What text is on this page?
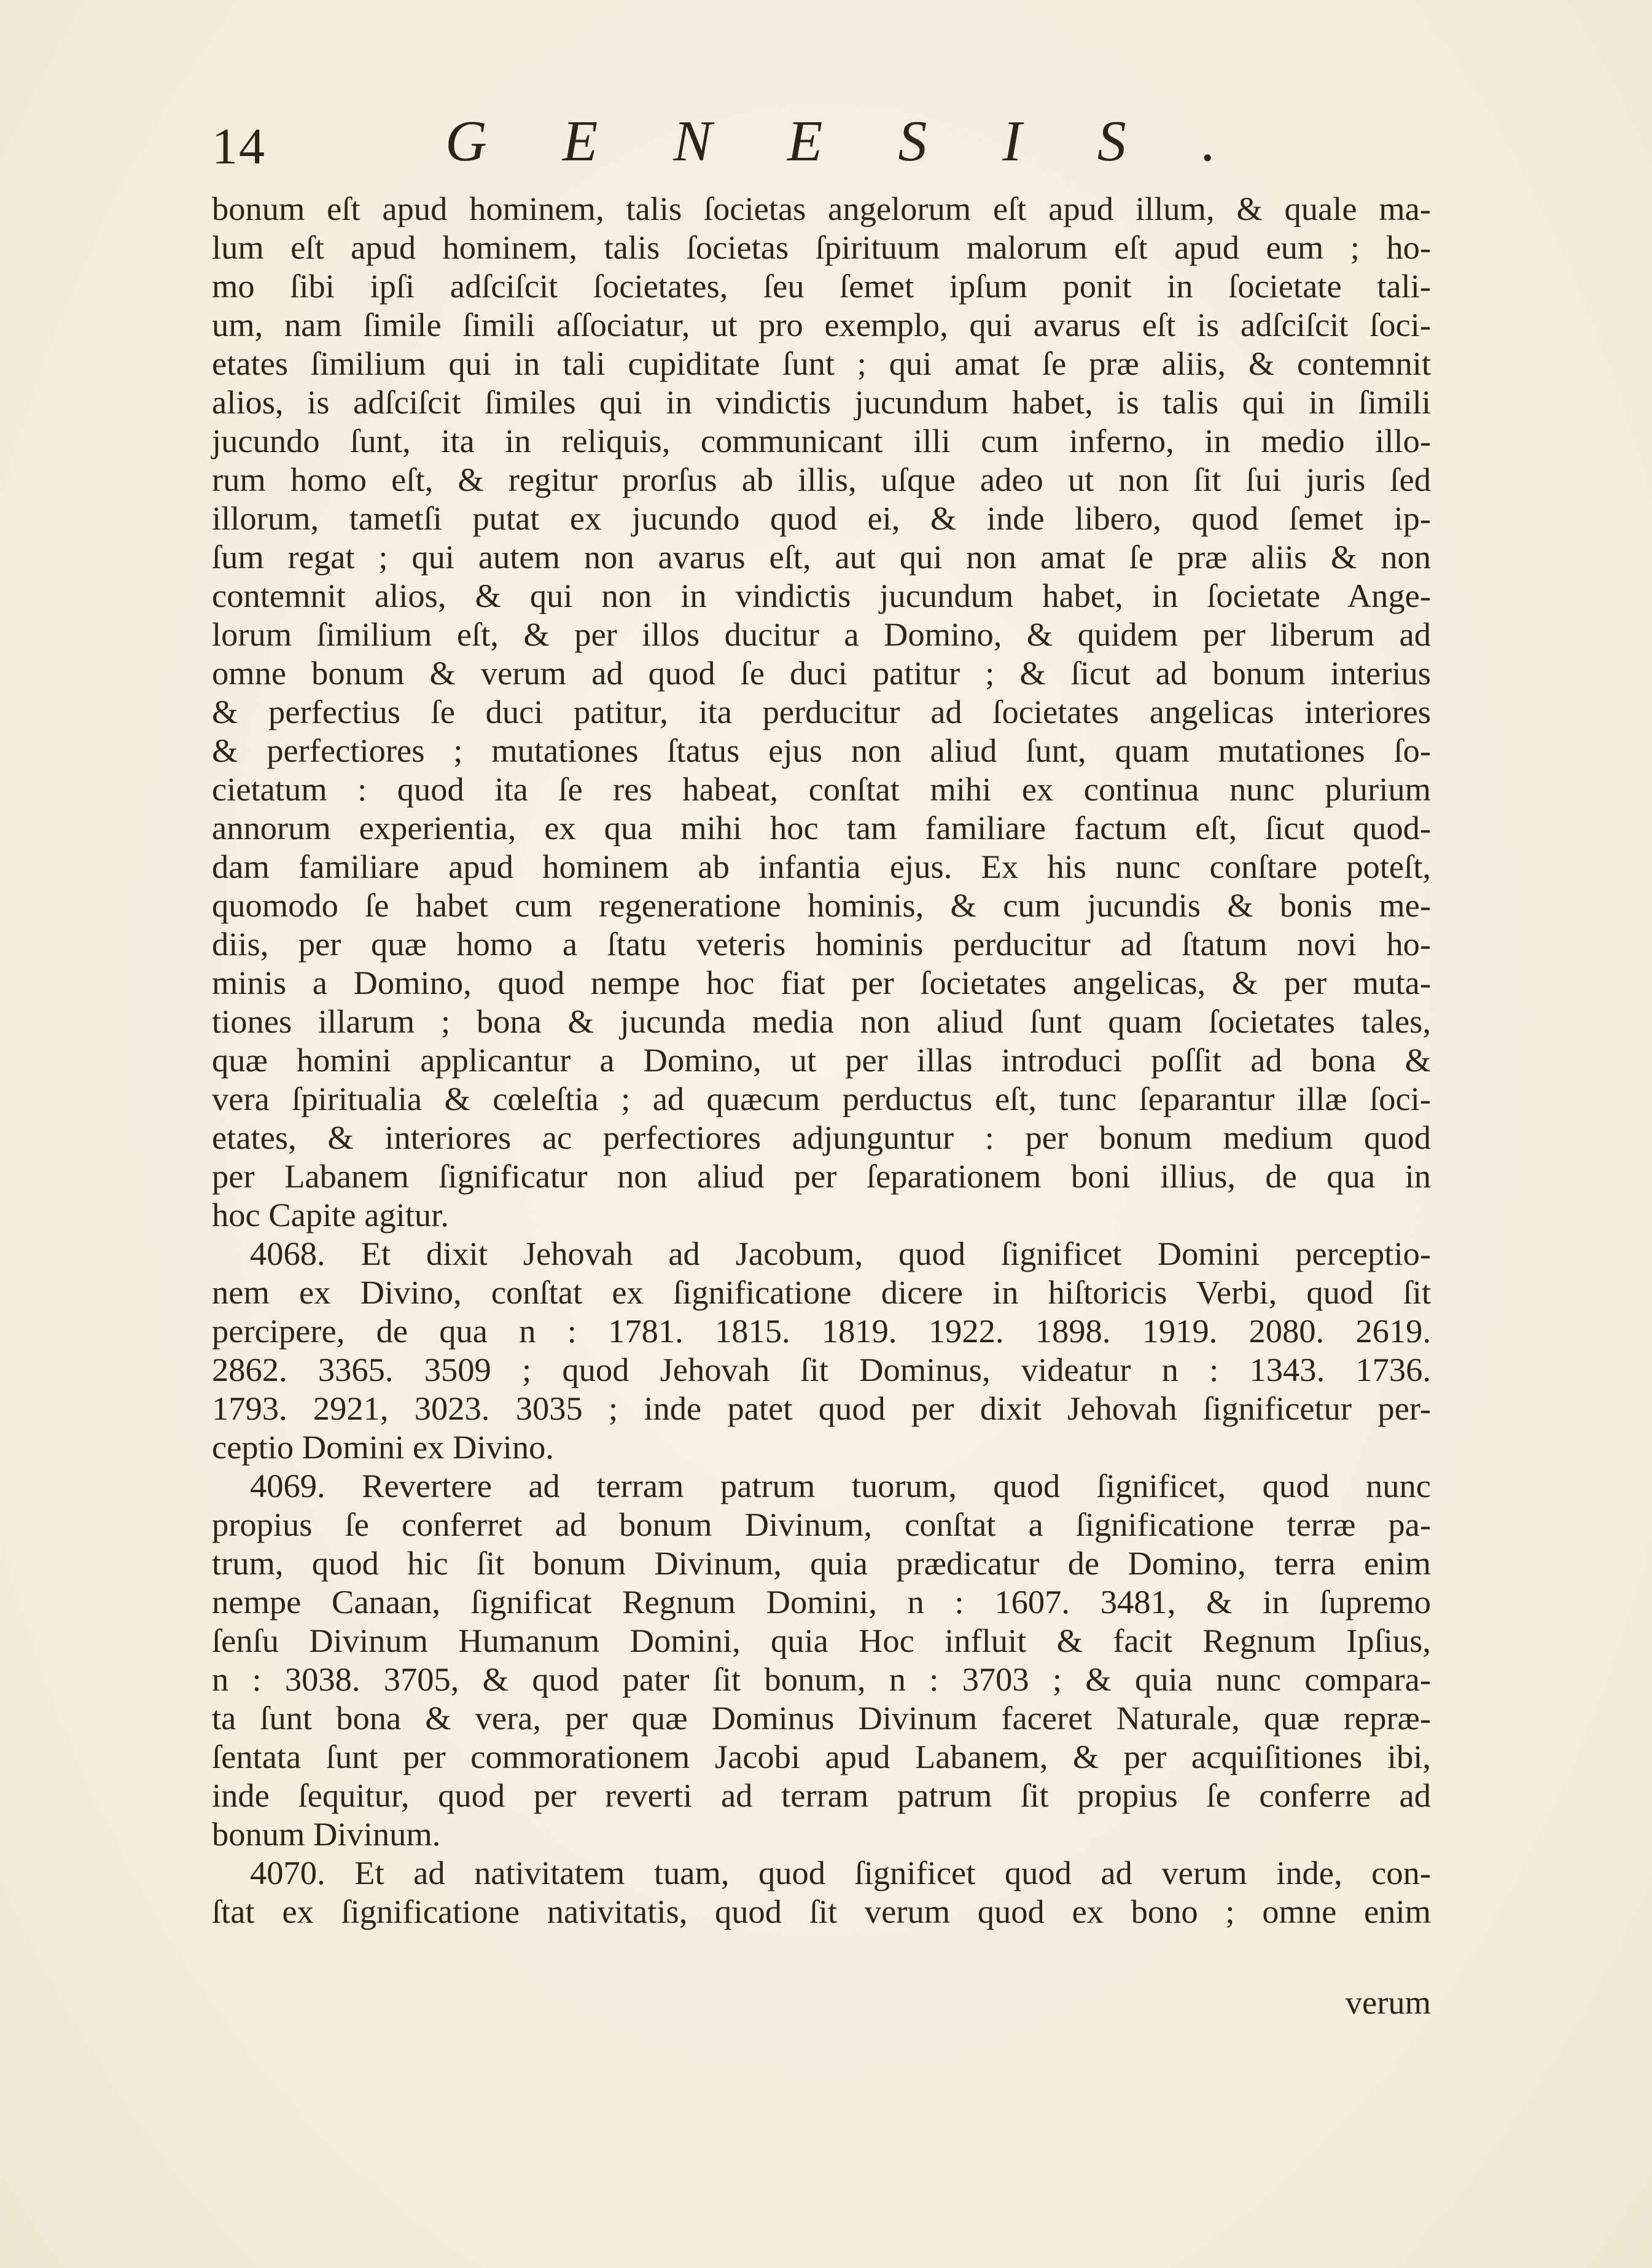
14	GENESIS.
bonum eſt apud hominem, talis ſocietas angelorum eſt apud illum, & quale ma-
lum eſt apud hominem, talis ſocietas ſpirituum malorum eſt apud eum ; ho-
mo ſibi ipſi adſciſcit ſocietates, ſeu ſemet ipſum ponit in ſocietate tali-
um, nam ſimile ſimili aſſociatur, ut pro exemplo, qui avarus eſt is adſciſcit ſoci-
etates ſimilium qui in tali cupiditate ſunt ; qui amat ſe præ aliis, & contemnit
alios, is adſciſcit ſimiles qui in vindictis jucundum habet, is talis qui in ſimili
jucundo ſunt, ita in reliquis, communicant illi cum inferno, in medio illo-
rum homo eſt, & regitur prorſus ab illis, uſque adeo ut non ſit ſui juris ſed
illorum, tametſi putat ex jucundo quod ei, & inde libero, quod ſemet ip-
ſum regat ; qui autem non avarus eſt, aut qui non amat ſe præ aliis & non
contemnit alios, & qui non in vindictis jucundum habet, in ſocietate Ange-
lorum ſimilium eſt, & per illos ducitur a Domino, & quidem per liberum ad
omne bonum & verum ad quod ſe duci patitur ; & ſicut ad bonum interius
& perfectius ſe duci patitur, ita perducitur ad ſocietates angelicas interiores
& perfectiores ; mutationes ſtatus ejus non aliud ſunt, quam mutationes ſo-
cietatum : quod ita ſe res habeat, conſtat mihi ex continua nunc plurium
annorum experientia, ex qua mihi hoc tam familiare factum eſt, ſicut quod-
dam familiare apud hominem ab infantia ejus. Ex his nunc conſtare poteſt,
quomodo ſe habet cum regeneratione hominis, & cum jucundis & bonis me-
diis, per quæ homo a ſtatu veteris hominis perducitur ad ſtatum novi ho-
minis a Domino, quod nempe hoc fiat per ſocietates angelicas, & per muta-
tiones illarum ; bona & jucunda media non aliud ſunt quam ſocietates tales,
quæ homini applicantur a Domino, ut per illas introduci poſſit ad bona &
vera ſpiritualia & cœleſtia ; ad quæcum perductus eſt, tunc ſeparantur illæ ſoci-
etates, & interiores ac perfectiores adjunguntur : per bonum medium quod
per Labanem ſignificatur non aliud per ſeparationem boni illius, de qua in
hoc Capite agitur.
4068. Et dixit Jehovah ad Jacobum, quod ſignificet Domini perceptio-
nem ex Divino, conſtat ex ſignificatione dicere in hiſtoricis Verbi, quod ſit
percipere, de qua n : 1781. 1815. 1819. 1922. 1898. 1919. 2080. 2619.
2862. 3365. 3509 ; quod Jehovah ſit Dominus, videatur n : 1343. 1736.
1793. 2921, 3023. 3035 ; inde patet quod per dixit Jehovah ſignificetur per-
ceptio Domini ex Divino.
4069. Revertere ad terram patrum tuorum, quod ſignificet, quod nunc
propius ſe conferret ad bonum Divinum, conſtat a ſignificatione terræ pa-
trum, quod hic ſit bonum Divinum, quia prædicatur de Domino, terra enim
nempe Canaan, ſignificat Regnum Domini, n : 1607. 3481, & in ſupremo
ſenſu Divinum Humanum Domini, quia Hoc influit & facit Regnum Ipſius,
n : 3038. 3705, & quod pater ſit bonum, n : 3703 ; & quia nunc compara-
ta ſunt bona & vera, per quæ Dominus Divinum faceret Naturale, quæ repræ-
ſentata ſunt per commorationem Jacobi apud Labanem, & per acquiſitiones ibi,
inde ſequitur, quod per reverti ad terram patrum ſit propius ſe conferre ad
bonum Divinum.
4070. Et ad nativitatem tuam, quod ſignificet quod ad verum inde, con-
ſtat ex ſignificatione nativitatis, quod ſit verum quod ex bono ; omne enim
verum
